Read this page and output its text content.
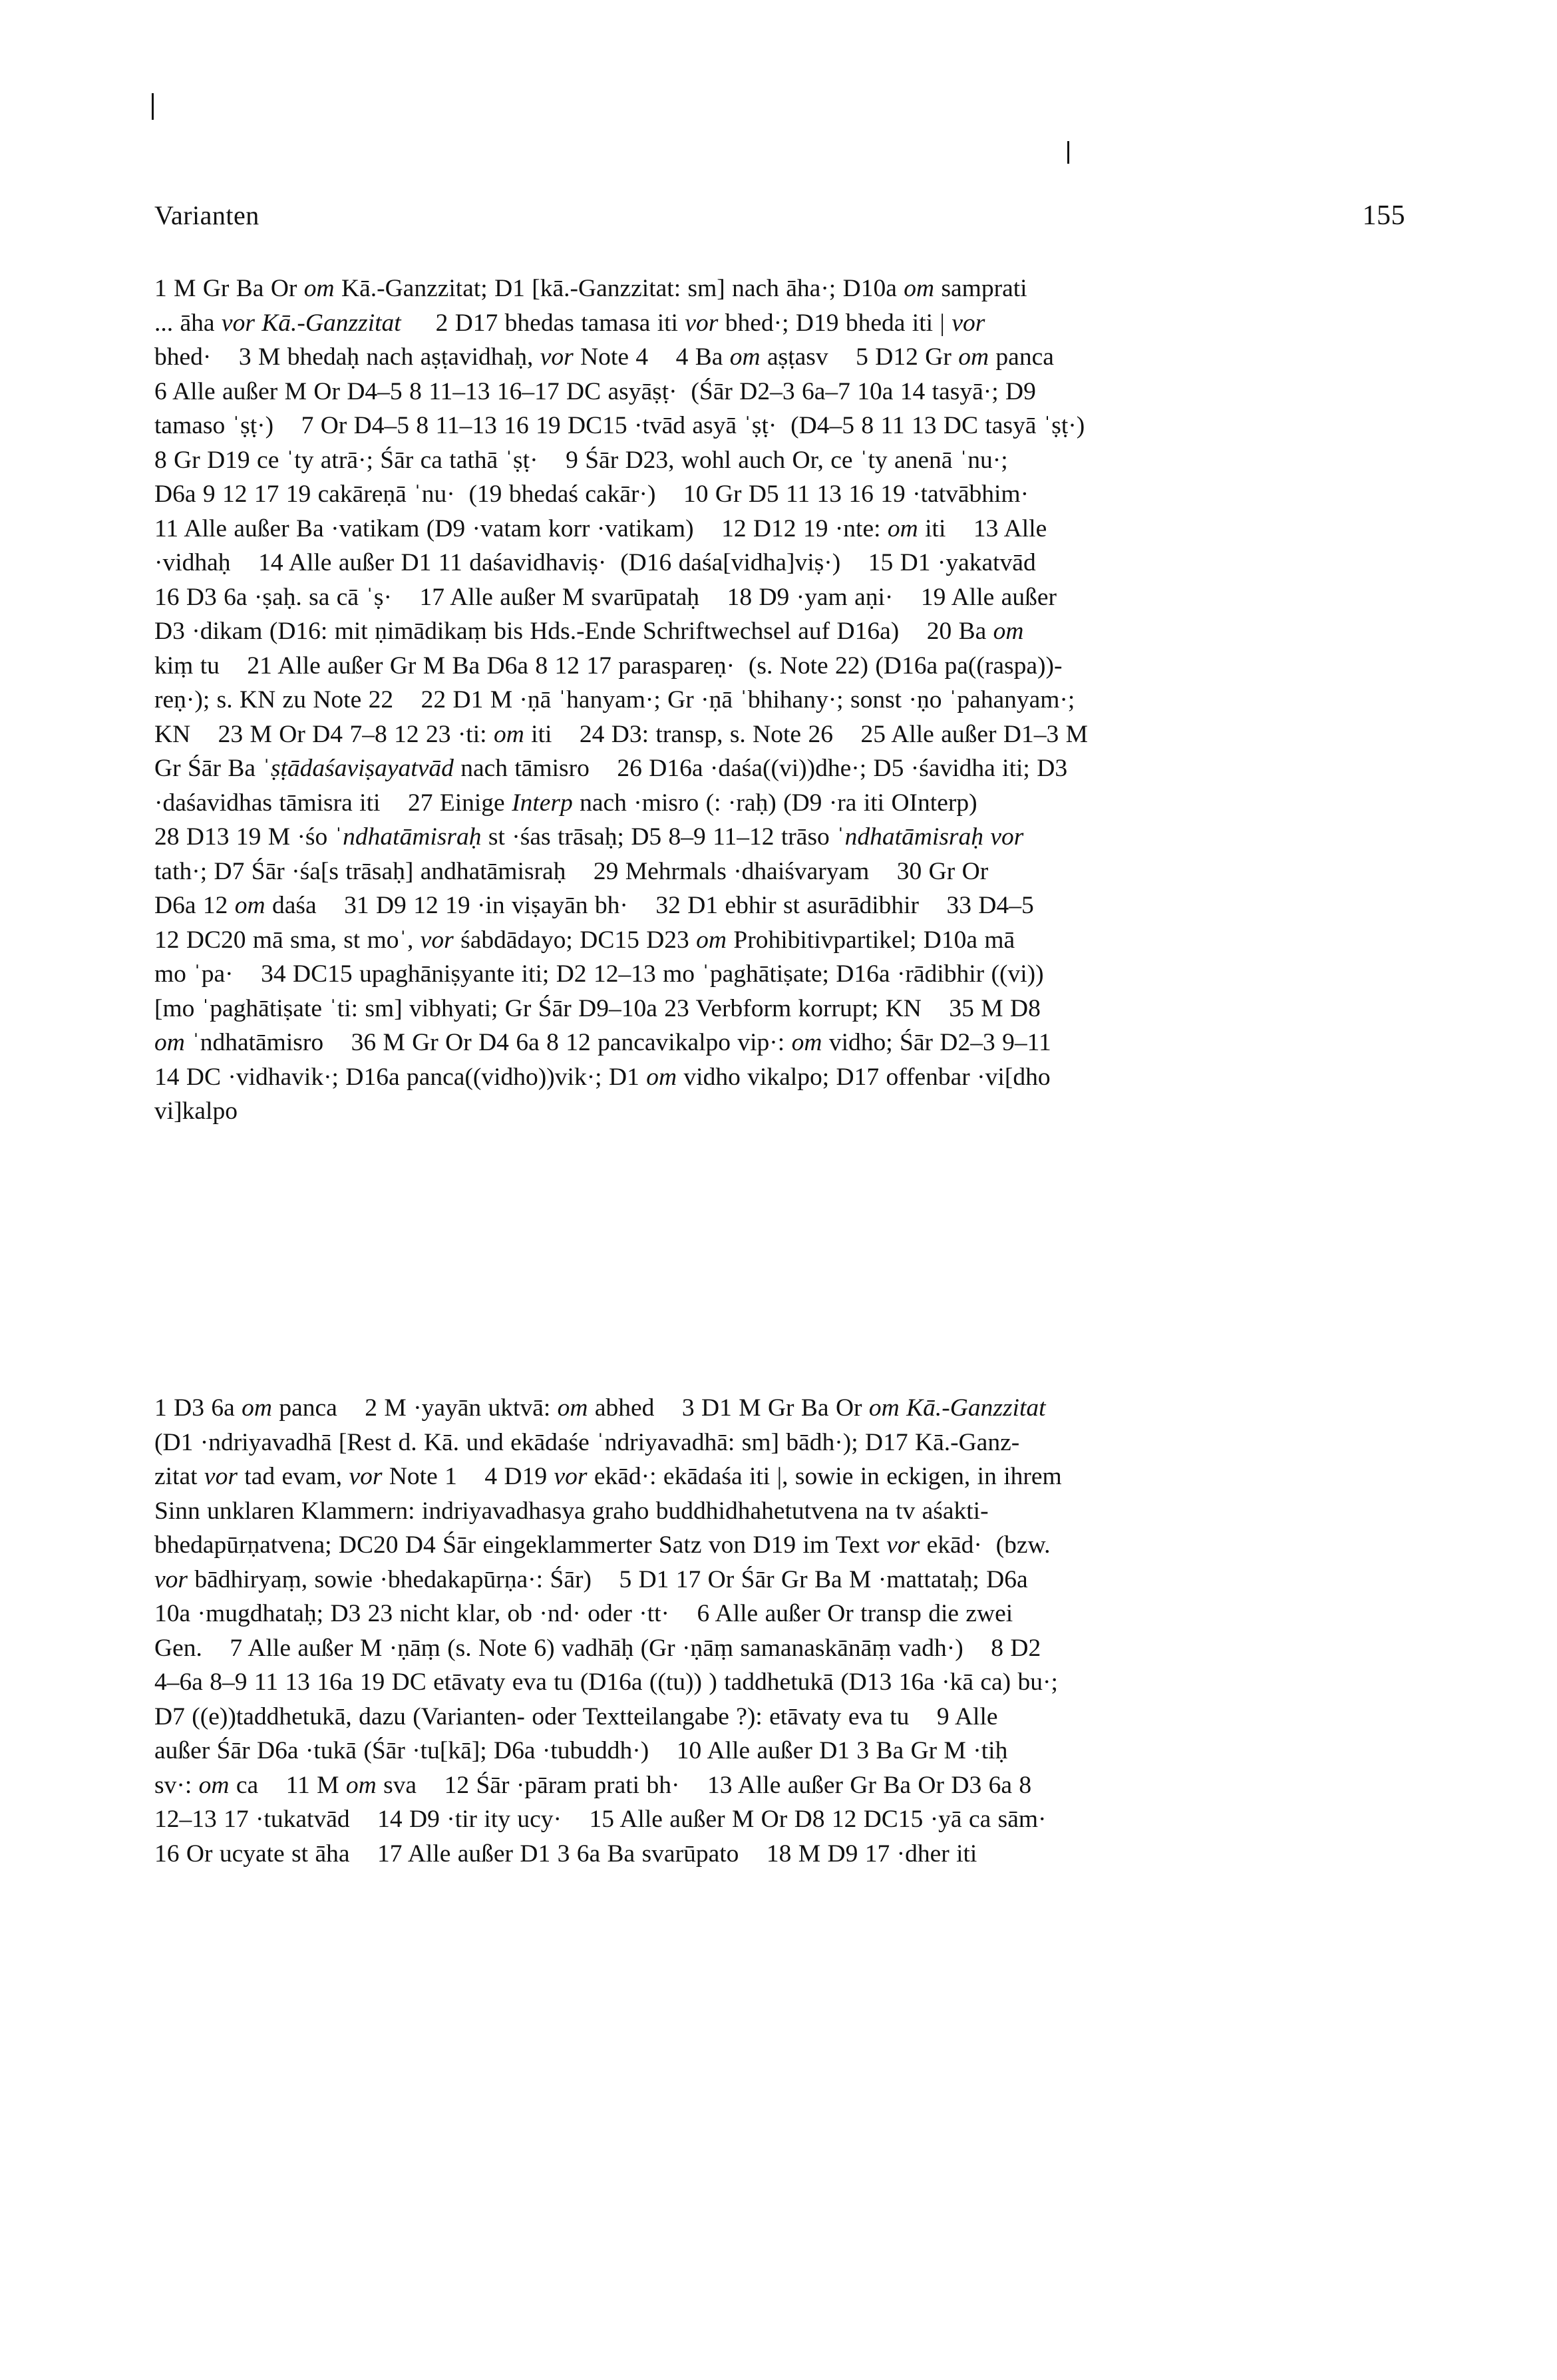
Varianten	155
1 M Gr Ba Or om Kā.-Ganzzitat; D1 [kā.-Ganzzitat: sm] nach āha·; D10a om samprati
... āha vor Kā.-Ganzzitat 2 D17 bhedas tamasa iti vor bhed·; D19 bheda iti | vor
bhed· 3 M bhedaḥ nach aṣṭavidhaḥ, vor Note 4 4 Ba om aṣṭasv 5 D12 Gr om panca
6 Alle außer M Or D4–5 8 11–13 16–17 DC asyāṣṭ· (Śār D2–3 6a–7 10a 14 tasyā·; D9
tamaso ˈṣṭ·) 7 Or D4–5 8 11–13 16 19 DC15 ·tvād asyā ˈṣṭ· (D4–5 8 11 13 DC tasyā ˈṣṭ·)
8 Gr D19 ce ˈty atrā·; Śār ca tathā ˈṣṭ· 9 Śār D23, wohl auch Or, ce ˈty anenā ˈnu·;
D6a 9 12 17 19 cakāreṇā ˈnu· (19 bhedaś cakār·) 10 Gr D5 11 13 16 19 ·tatvābhim·
11 Alle außer Ba ·vatikam (D9 ·vatam korr ·vatikam) 12 D12 19 ·nte: om iti 13 Alle
·vidhaḥ 14 Alle außer D1 11 daśavidhaviṣ· (D16 daśa[vidha]viṣ·) 15 D1 ·yakatvād
16 D3 6a ·ṣaḥ. sa cā ˈṣ· 17 Alle außer M svarūpataḥ 18 D9 ·yam aṇi· 19 Alle außer
D3 ·dikam (D16: mit ṇimādikaṃ bis Hds.-Ende Schriftwechsel auf D16a) 20 Ba om
kiṃ tu 21 Alle außer Gr M Ba D6a 8 12 17 paraspareṇ· (s. Note 22) (D16a pa((raspa))-
reṇ·); s. KN zu Note 22 22 D1 M ·ṇā ˈhanyam·; Gr ·ṇā ˈbhihany·; sonst ·ṇo ˈpahanyam·;
KN 23 M Or D4 7–8 12 23 ·ti: om iti 24 D3: transp, s. Note 26 25 Alle außer D1–3 M
Gr Śār Ba ˈṣṭādaśaviṣayatvād nach tāmisro 26 D16a ·daśa((vi))dhe·; D5 ·śavidha iti; D3
·daśavidhas tāmisra iti 27 Einige Interp nach ·misro (: ·raḥ) (D9 ·ra iti OInterp)
28 D13 19 M ·śo ˈndhatāmisraḥ st ·śas trāsaḥ; D5 8–9 11–12 trāso ˈndhatāmisraḥ vor
tath·; D7 Śār ·śa[s trāsaḥ] andhatāmisraḥ 29 Mehrmals ·dhaiśvaryam 30 Gr Or
D6a 12 om daśa 31 D9 12 19 ·in viṣayān bh· 32 D1 ebhir st asurādibhir 33 D4–5
12 DC20 mā sma, st moˈ, vor śabdādayo; DC15 D23 om Prohibitivpartikel; D10a mā
mo ˈpa· 34 DC15 upaghāniṣyante iti; D2 12–13 mo ˈpaghātiṣate; D16a ·rādibhir ((vi))
[mo ˈpaghātiṣate ˈti: sm] vibhyati; Gr Śār D9–10a 23 Verbform korrupt; KN 35 M D8
om ˈndhatāmisro 36 M Gr Or D4 6a 8 12 pancavikalpo vip·: om vidho; Śār D2–3 9–11
14 DC ·vidhavik·; D16a panca((vidho))vik·; D1 om vidho vikalpo; D17 offenbar ·vi[dho
vi]kalpo
1 D3 6a om panca 2 M ·yayān uktvā: om abhed 3 D1 M Gr Ba Or om Kā.-Ganzzitat
(D1 ·ndriyavadhā [Rest d. Kā. und ekādaśe ˈndriyavadhā: sm] bādh·); D17 Kā.-Ganz-
zitat vor tad evam, vor Note 1 4 D19 vor ekād·: ekādaśa iti |, sowie in eckigen, in ihrem
Sinn unklaren Klammern: indriyavadhasya graho buddhidhahetutvena na tv aśakti-
bhedapūrṇatvena; DC20 D4 Śār eingeklammerter Satz von D19 im Text vor ekād· (bzw.
vor bādhiryaṃ, sowie ·bhedakapūrṇa·: Śār) 5 D1 17 Or Śār Gr Ba M ·mattataḥ; D6a
10a ·mugdhataḥ; D3 23 nicht klar, ob ·nd· oder ·tt· 6 Alle außer Or transp die zwei
Gen. 7 Alle außer M ·ṇāṃ (s. Note 6) vadhāḥ (Gr ·ṇāṃ samanaskānāṃ vadh·) 8 D2
4–6a 8–9 11 13 16a 19 DC etāvaty eva tu (D16a ((tu)) ) taddhetukā (D13 16a ·kā ca) bu·;
D7 ((e))taddhetukā, dazu (Varianten- oder Textteilangabe ?): etāvaty eva tu 9 Alle
außer Śār D6a ·tukā (Śār ·tu[kā]; D6a ·tubuddh·) 10 Alle außer D1 3 Ba Gr M ·tiḥ
sv·: om ca 11 M om sva 12 Śār ·pāram prati bh· 13 Alle außer Gr Ba Or D3 6a 8
12–13 17 ·tukatvād 14 D9 ·tir ity ucy· 15 Alle außer M Or D8 12 DC15 ·yā ca sām·
16 Or ucyate st āha 17 Alle außer D1 3 6a Ba svarūpato 18 M D9 17 ·dher iti
